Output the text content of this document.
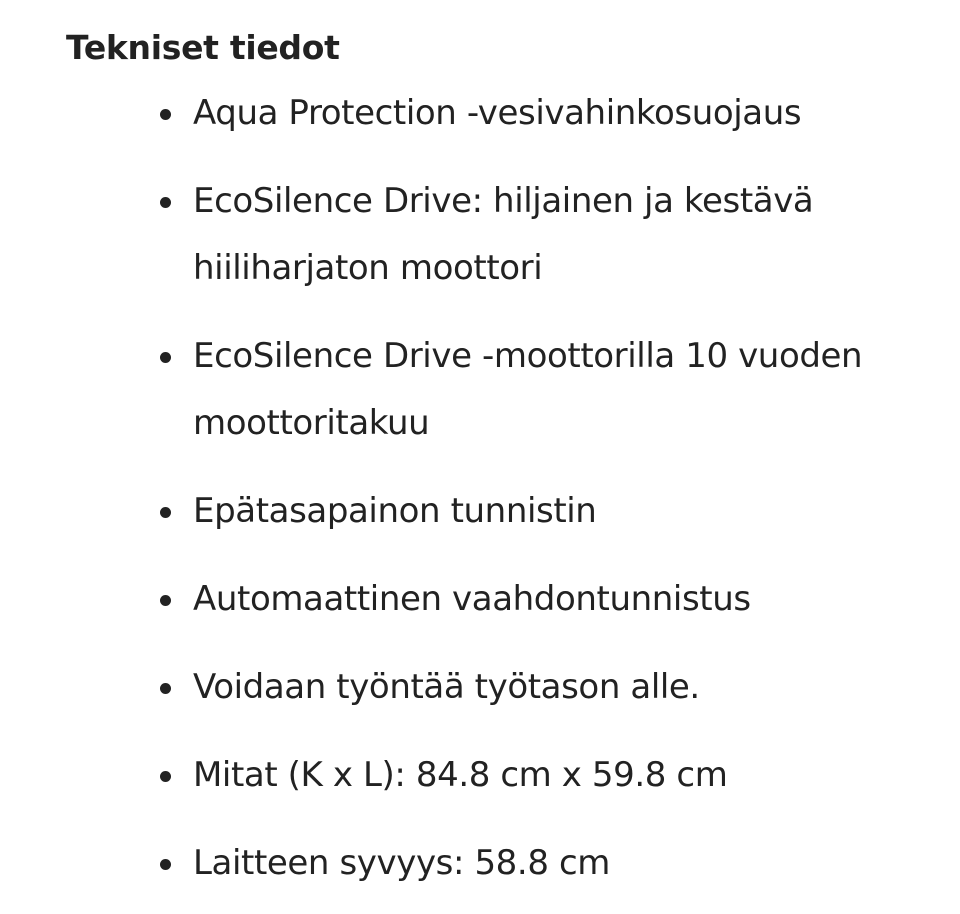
Tekniset tiedot
Aqua Protection -vesivahinkosuojaus
EcoSilence Drive: hiljainen ja kestävä
hiiliharjaton moottori
EcoSilence Drive -moottorilla 10 vuoden
moottoritakuu
Epätasapainon tunnistin
Automaattinen vaahdontunnistus
Voidaan työntää työtason alle.
Mitat (K x L): 84.8 cm x 59.8 cm
Laitteen syvyys: 58.8 cm
